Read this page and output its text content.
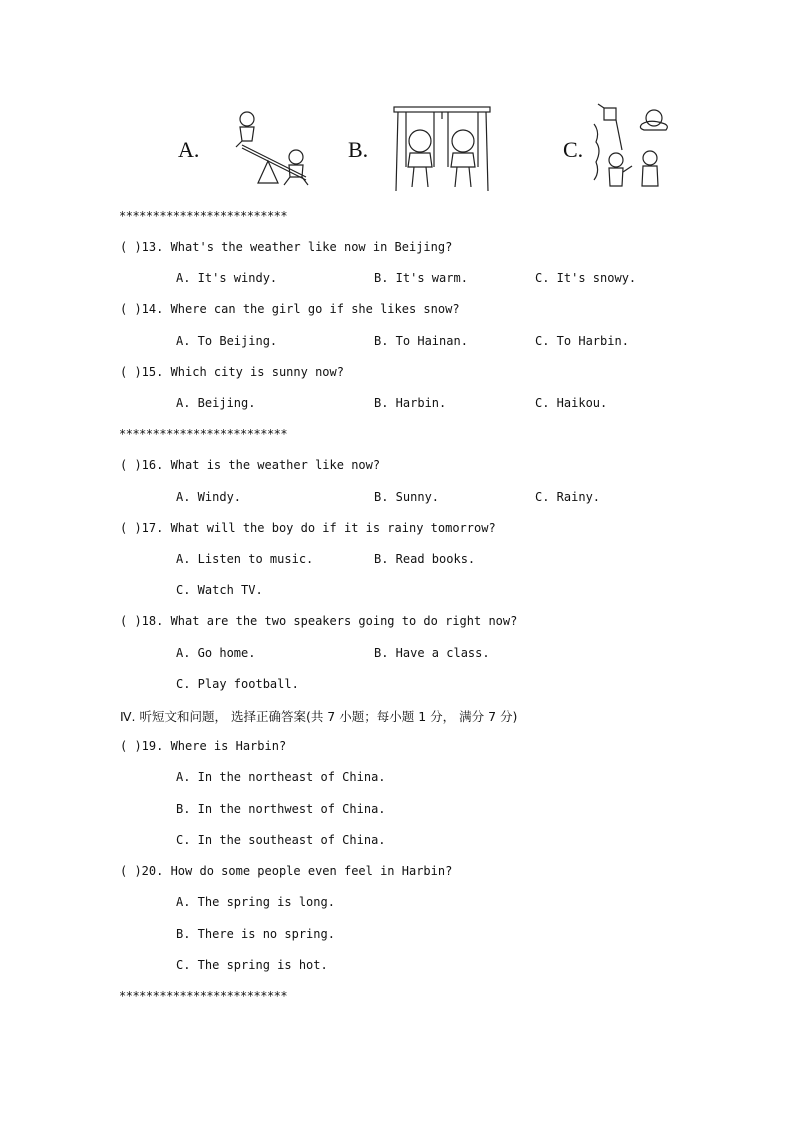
A.	B.	C.
*************************
( )13. What's the weather like now in Beijing?
A. It's windy.	B. It's warm.	C. It's snowy.
( )14. Where can the girl go if she likes snow?
A. To Beijing.	B. To Hainan.	C. To Harbin.
( )15. Which city is sunny now?
A. Beijing.	B. Harbin.	C. Haikou.
*************************
( )16. What is the weather like now?
A. Windy.	B. Sunny.	C. Rainy.
( )17. What will the boy do if it is rainy tomorrow?
A. Listen to music.	B. Read books.
C. Watch TV.
( )18. What are the two speakers going to do right now?
A. Go home.	B. Have a class.
C. Play football.
Ⅳ. 听短文和问题， 选择正确答案(共 7 小题；每小题 1 分， 满分 7 分)
( )19. Where is Harbin?
A. In the northeast of China.
B. In the northwest of China.
C. In the southeast of China.
( )20. How do some people even feel in Harbin?
A. The spring is long.
B. There is no spring.
C. The spring is hot.
*************************
